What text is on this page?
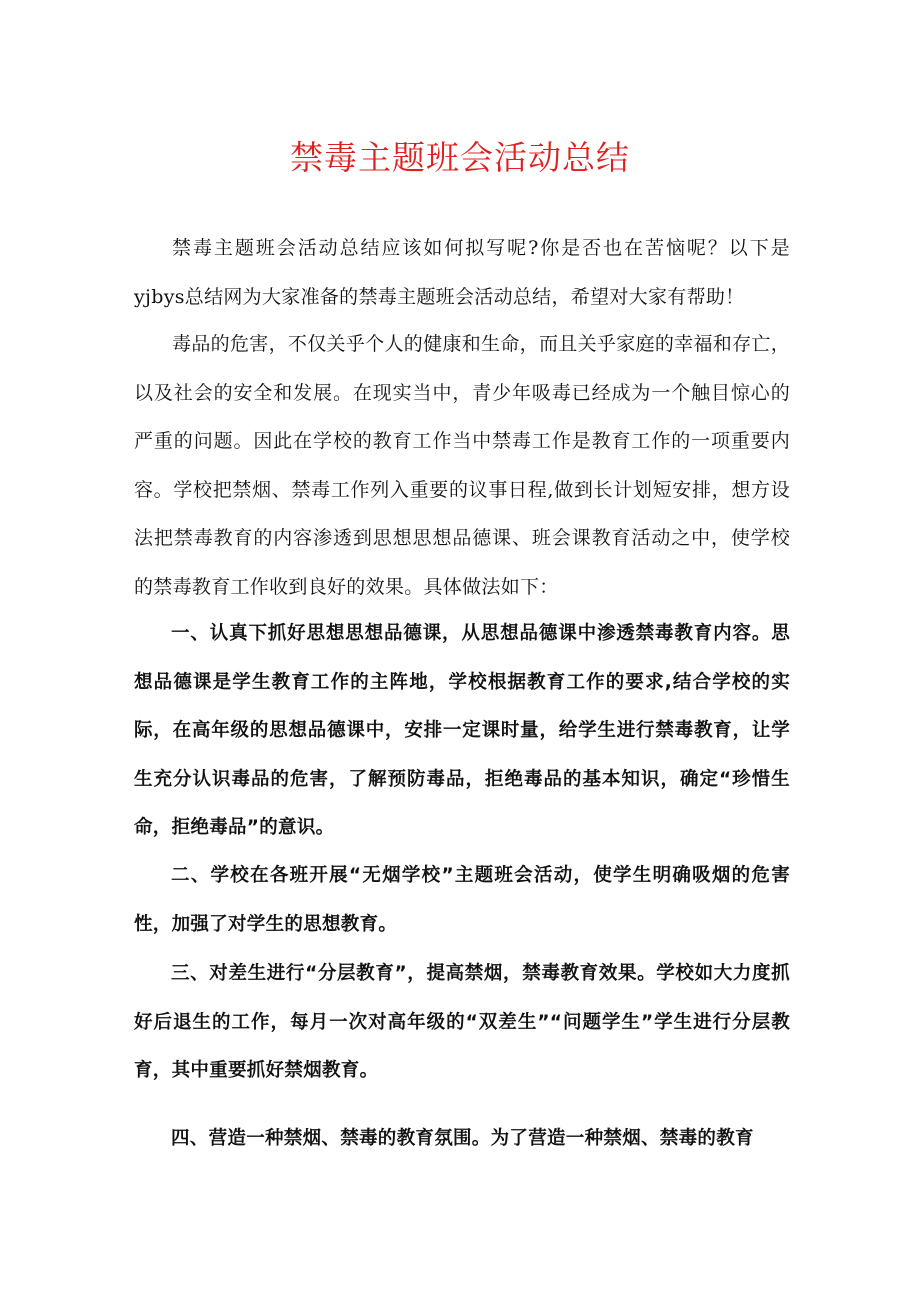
禁毒主题班会活动总结

禁毒主题班会活动总结应该如何拟写呢?你是否也在苦恼呢？以下是yjbys总结网为大家准备的禁毒主题班会活动总结，希望对大家有帮助！

毒品的危害，不仅关乎个人的健康和生命，而且关乎家庭的幸福和存亡，以及社会的安全和发展。在现实当中，青少年吸毒已经成为一个触目惊心的严重的问题。因此在学校的教育工作当中禁毒工作是教育工作的一项重要内容。学校把禁烟、禁毒工作列入重要的议事日程,做到长计划短安排，想方设法把禁毒教育的内容渗透到思想思想品德课、班会课教育活动之中，使学校的禁毒教育工作收到良好的效果。具体做法如下：

一、认真下抓好思想思想品德课，从思想品德课中渗透禁毒教育内容。思想品德课是学生教育工作的主阵地，学校根据教育工作的要求,结合学校的实际，在高年级的思想品德课中，安排一定课时量，给学生进行禁毒教育，让学生充分认识毒品的危害，了解预防毒品，拒绝毒品的基本知识，确定“珍惜生命，拒绝毒品”的意识。

二、学校在各班开展“无烟学校”主题班会活动，使学生明确吸烟的危害性，加强了对学生的思想教育。

三、对差生进行“分层教育”，提高禁烟，禁毒教育效果。学校如大力度抓好后退生的工作，每月一次对高年级的“双差生”“问题学生”学生进行分层教育，其中重要抓好禁烟教育。

四、营造一种禁烟、禁毒的教育氛围。为了营造一种禁烟、禁毒的教育
